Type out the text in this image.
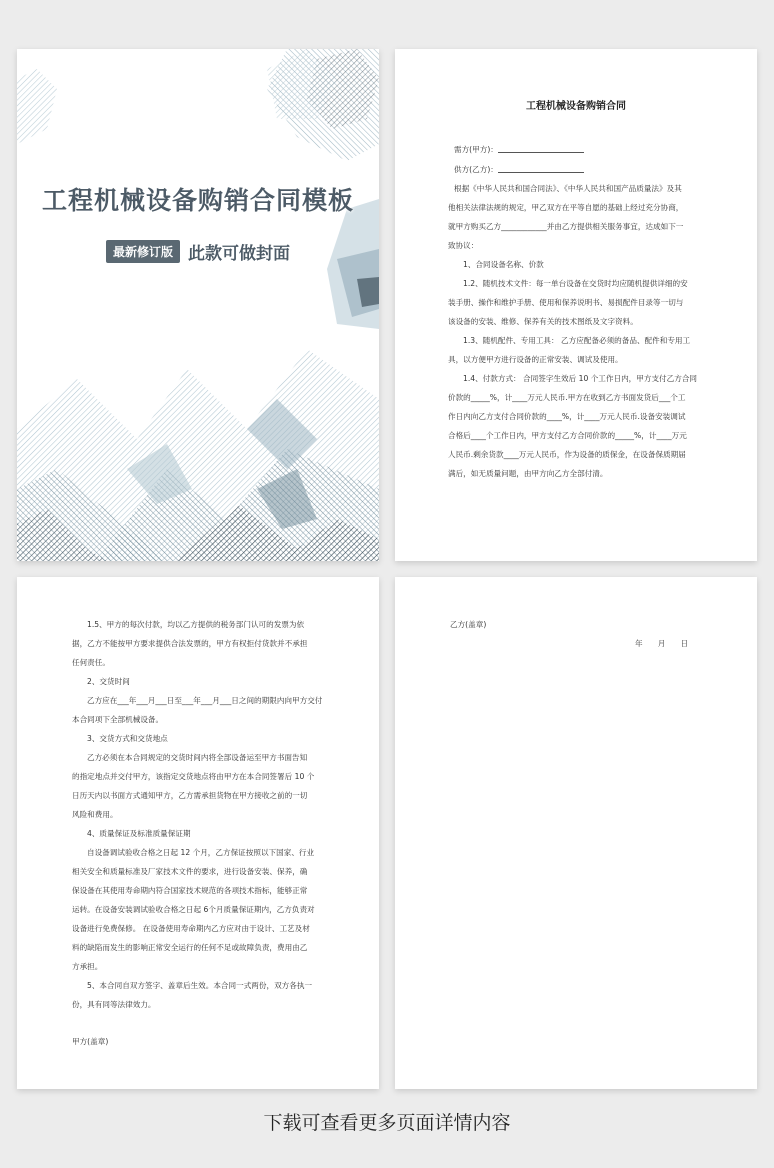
工程机械设备购销合同模板
最新修订版 此款可做封面
工程机械设备购销合同
需方(甲方)：
供方(乙方)：
根据《中华人民共和国合同法》、《中华人民共和国产品质量法》及其
他相关法律法规的规定，甲乙双方在平等自愿的基础上经过充分协商，
就甲方购买乙方____________并由乙方提供相关服务事宜，达成如下一
致协议：
1、合同设备名称、价款
1.2、随机技术文件：每一单台设备在交货时均应随机提供详细的安
装手册、操作和维护手册、使用和保养说明书、易损配件目录等一切与
该设备的安装、维修、保养有关的技术图纸及文字资料。
1.3、随机配件、专用工具： 乙方应配备必须的备品、配件和专用工
具，以方便甲方进行设备的正常安装、调试及使用。
1.4、付款方式： 合同签字生效后 10 个工作日内，甲方支付乙方合同
价款的_____%，计____万元人民币.甲方在收到乙方书面发货后___个工
作日内向乙方支付合同价款的____%，计____万元人民币.设备安装调试
合格后____个工作日内，甲方支付乙方合同价款的_____%，计____万元
人民币.剩余货款____万元人民币，作为设备的质保金，在设备保质期届
满后，如无质量问题，由甲方向乙方全部付清。
1.5、甲方的每次付款，均以乙方提供的税务部门认可的发票为依
据，乙方不能按甲方要求提供合法发票的，甲方有权拒付货款并不承担
任何责任。
2、交货时间
乙方应在___年___月___日至___年___月___日之间的期限内向甲方交付
本合同项下全部机械设备。
3、交货方式和交货地点
乙方必须在本合同规定的交货时间内将全部设备运至甲方书面告知
的指定地点并交付甲方，该指定交货地点将由甲方在本合同签署后 10 个
日历天内以书面方式通知甲方，乙方需承担货物在甲方接收之前的一切
风险和费用。
4、质量保证及标准质量保证期
自设备调试验收合格之日起 12 个月，乙方保证按照以下国家、行业
相关安全和质量标准及厂家技术文件的要求，进行设备安装、保养，确
保设备在其使用寿命期内符合国家技术规范的各项技术指标，能够正常
运转。在设备安装调试验收合格之日起 6个月质量保证期内，乙方负责对
设备进行免费保修。 在设备使用寿命期内乙方应对由于设计、工艺及材
料的缺陷而发生的影响正常安全运行的任何不足或故障负责，费用由乙
方承担。
5、本合同自双方签字、盖章后生效。本合同一式两份，双方各执一
份，具有同等法律效力。
甲方(盖章)
乙方(盖章)
年　　月　　日
下载可查看更多页面详情内容
